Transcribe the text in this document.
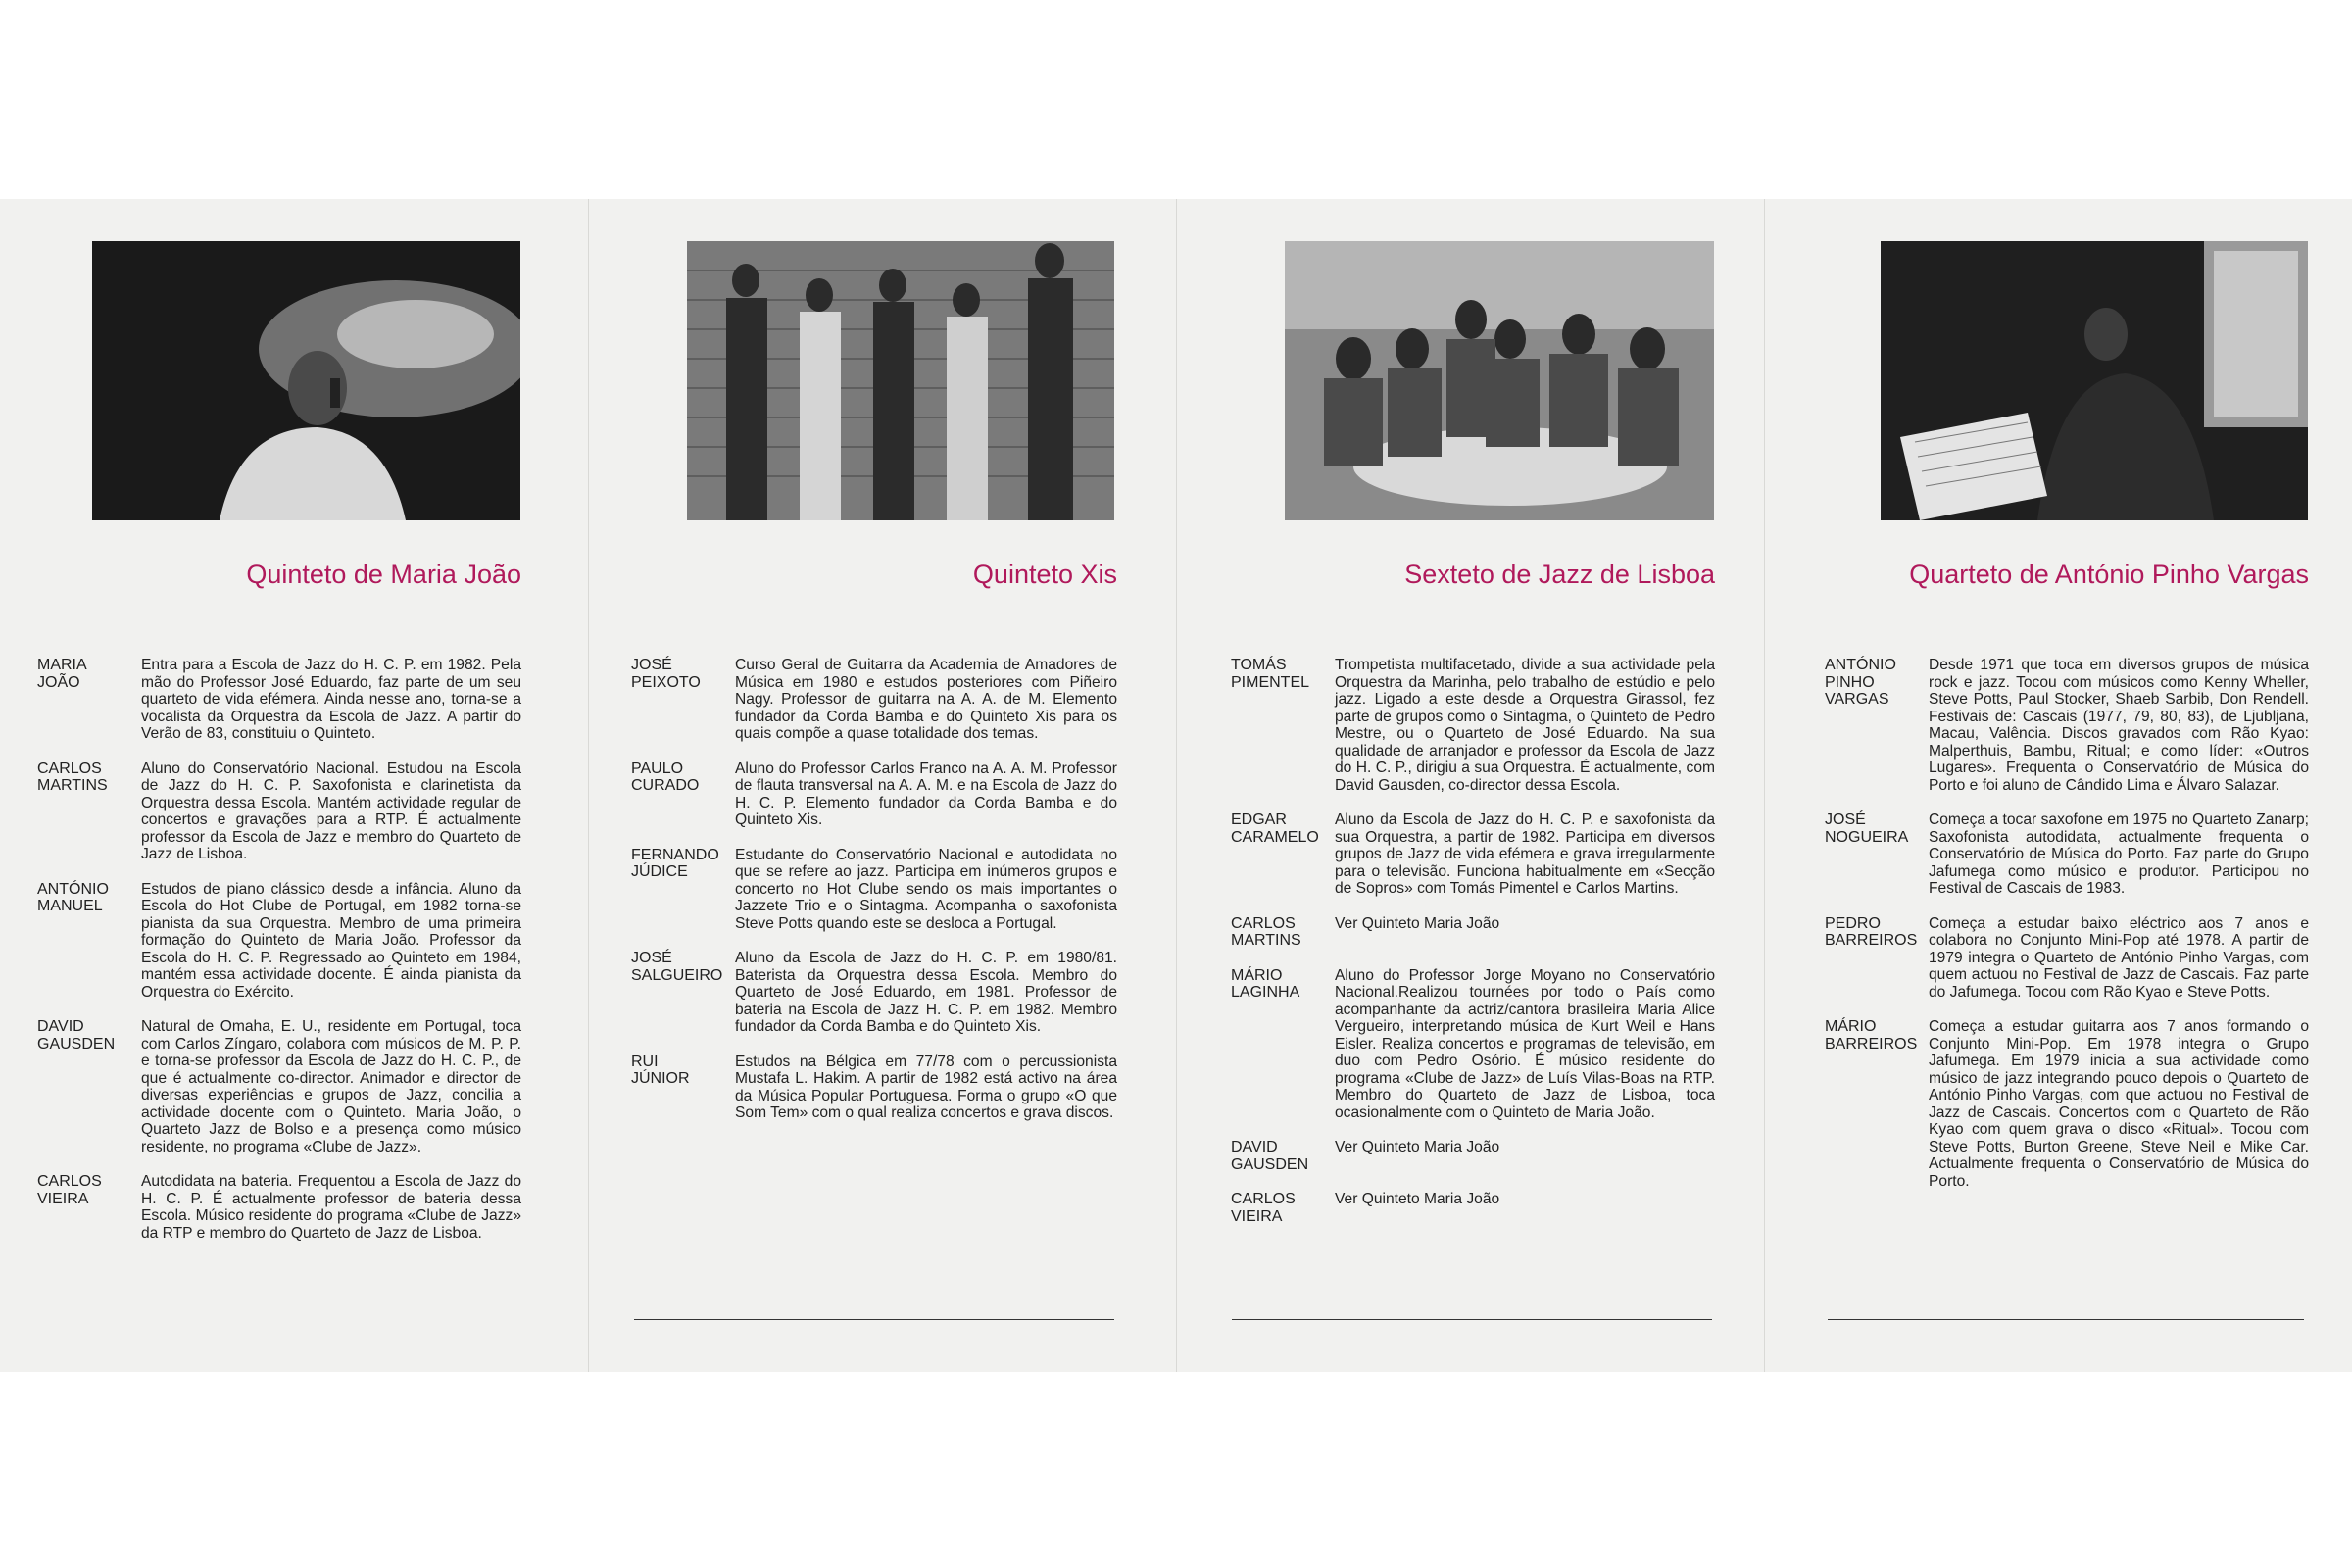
Quinteto de Maria João
MARIA
JOÃO
Entra para a Escola de Jazz do H. C. P. em 1982. Pela mão do Professor José Eduardo, faz parte de um seu quarteto de vida efémera. Ainda nesse ano, torna-se a vocalista da Orquestra da Escola de Jazz. A partir do Verão de 83, constituiu o Quinteto.
CARLOS
MARTINS
Aluno do Conservatório Nacional. Estudou na Escola de Jazz do H. C. P. Saxofonista e clarinetista da Orquestra dessa Escola. Mantém actividade regular de concertos e gravações para a RTP. É actualmente professor da Escola de Jazz e membro do Quarteto de Jazz de Lisboa.
ANTÓNIO
MANUEL
Estudos de piano clássico desde a infância. Aluno da Escola do Hot Clube de Portugal, em 1982 torna-se pianista da sua Orquestra. Membro de uma primeira formação do Quinteto de Maria João. Professor da Escola do H. C. P. Regressado ao Quinteto em 1984, mantém essa actividade docente. É ainda pianista da Orquestra do Exército.
DAVID
GAUSDEN
Natural de Omaha, E. U., residente em Portugal, toca com Carlos Zíngaro, colabora com músicos de M. P. P. e torna-se professor da Escola de Jazz do H. C. P., de que é actualmente co-director. Animador e director de diversas experiências e grupos de Jazz, concilia a actividade docente com o Quinteto. Maria João, o Quarteto Jazz de Bolso e a presença como músico residente, no programa «Clube de Jazz».
CARLOS
VIEIRA
Autodidata na bateria. Frequentou a Escola de Jazz do H. C. P. É actualmente professor de bateria dessa Escola. Músico residente do programa «Clube de Jazz» da RTP e membro do Quarteto de Jazz de Lisboa.
Quinteto Xis
JOSÉ
PEIXOTO
Curso Geral de Guitarra da Academia de Amadores de Música em 1980 e estudos posteriores com Piñeiro Nagy. Professor de guitarra na A. A. de M. Elemento fundador da Corda Bamba e do Quinteto Xis para os quais compõe a quase totalidade dos temas.
PAULO
CURADO
Aluno do Professor Carlos Franco na A. A. M. Professor de flauta transversal na A. A. M. e na Escola de Jazz do H. C. P. Elemento fundador da Corda Bamba e do Quinteto Xis.
FERNANDO
JÚDICE
Estudante do Conservatório Nacional e autodidata no que se refere ao jazz. Participa em inúmeros grupos e concerto no Hot Clube sendo os mais importantes o Jazzete Trio e o Sintagma. Acompanha o saxofonista Steve Potts quando este se desloca a Portugal.
JOSÉ
SALGUEIRO
Aluno da Escola de Jazz do H. C. P. em 1980/81. Baterista da Orquestra dessa Escola. Membro do Quarteto de José Eduardo, em 1981. Professor de bateria na Escola de Jazz H. C. P. em 1982. Membro fundador da Corda Bamba e do Quinteto Xis.
RUI
JÚNIOR
Estudos na Bélgica em 77/78 com o percussionista Mustafa L. Hakim. A partir de 1982 está activo na área da Música Popular Portuguesa. Forma o grupo «O que Som Tem» com o qual realiza concertos e grava discos.
Sexteto de Jazz de Lisboa
TOMÁS
PIMENTEL
Trompetista multifacetado, divide a sua actividade pela Orquestra da Marinha, pelo trabalho de estúdio e pelo jazz. Ligado a este desde a Orquestra Girassol, fez parte de grupos como o Sintagma, o Quinteto de Pedro Mestre, ou o Quarteto de José Eduardo. Na sua qualidade de arranjador e professor da Escola de Jazz do H. C. P., dirigiu a sua Orquestra. É actualmente, com David Gausden, co-director dessa Escola.
EDGAR
CARAMELO
Aluno da Escola de Jazz do H. C. P. e saxofonista da sua Orquestra, a partir de 1982. Participa em diversos grupos de Jazz de vida efémera e grava irregularmente para o televisão. Funciona habitualmente em «Secção de Sopros» com Tomás Pimentel e Carlos Martins.
CARLOS
MARTINS
Ver Quinteto Maria João
MÁRIO
LAGINHA
Aluno do Professor Jorge Moyano no Conservatório Nacional.Realizou tournées por todo o País como acompanhante da actriz/cantora brasileira Maria Alice Vergueiro, interpretando música de Kurt Weil e Hans Eisler. Realiza concertos e programas de televisão, em duo com Pedro Osório. É músico residente do programa «Clube de Jazz» de Luís Vilas-Boas na RTP. Membro do Quarteto de Jazz de Lisboa, toca ocasionalmente com o Quinteto de Maria João.
DAVID
GAUSDEN
Ver Quinteto Maria João
CARLOS
VIEIRA
Ver Quinteto Maria João
Quarteto de António Pinho Vargas
ANTÓNIO
PINHO
VARGAS
Desde 1971 que toca em diversos grupos de música rock e jazz. Tocou com músicos como Kenny Wheller, Steve Potts, Paul Stocker, Shaeb Sarbib, Don Rendell. Festivais de: Cascais (1977, 79, 80, 83), de Ljubljana, Macau, Valência. Discos gravados com Rão Kyao: Malperthuis, Bambu, Ritual; e como líder: «Outros Lugares». Frequenta o Conservatório de Música do Porto e foi aluno de Cândido Lima e Álvaro Salazar.
JOSÉ
NOGUEIRA
Começa a tocar saxofone em 1975 no Quarteto Zanarp; Saxofonista autodidata, actualmente frequenta o Conservatório de Música do Porto. Faz parte do Grupo Jafumega como músico e produtor. Participou no Festival de Cascais de 1983.
PEDRO
BARREIROS
Começa a estudar baixo eléctrico aos 7 anos e colabora no Conjunto Mini-Pop até 1978. A partir de 1979 integra o Quarteto de António Pinho Vargas, com quem actuou no Festival de Jazz de Cascais. Faz parte do Jafumega. Tocou com Rão Kyao e Steve Potts.
MÁRIO
BARREIROS
Começa a estudar guitarra aos 7 anos formando o Conjunto Mini-Pop. Em 1978 integra o Grupo Jafumega. Em 1979 inicia a sua actividade como músico de jazz integrando pouco depois o Quarteto de António Pinho Vargas, com que actuou no Festival de Jazz de Cascais. Concertos com o Quarteto de Rão Kyao com quem grava o disco «Ritual». Tocou com Steve Potts, Burton Greene, Steve Neil e Mike Car. Actualmente frequenta o Conservatório de Música do Porto.
